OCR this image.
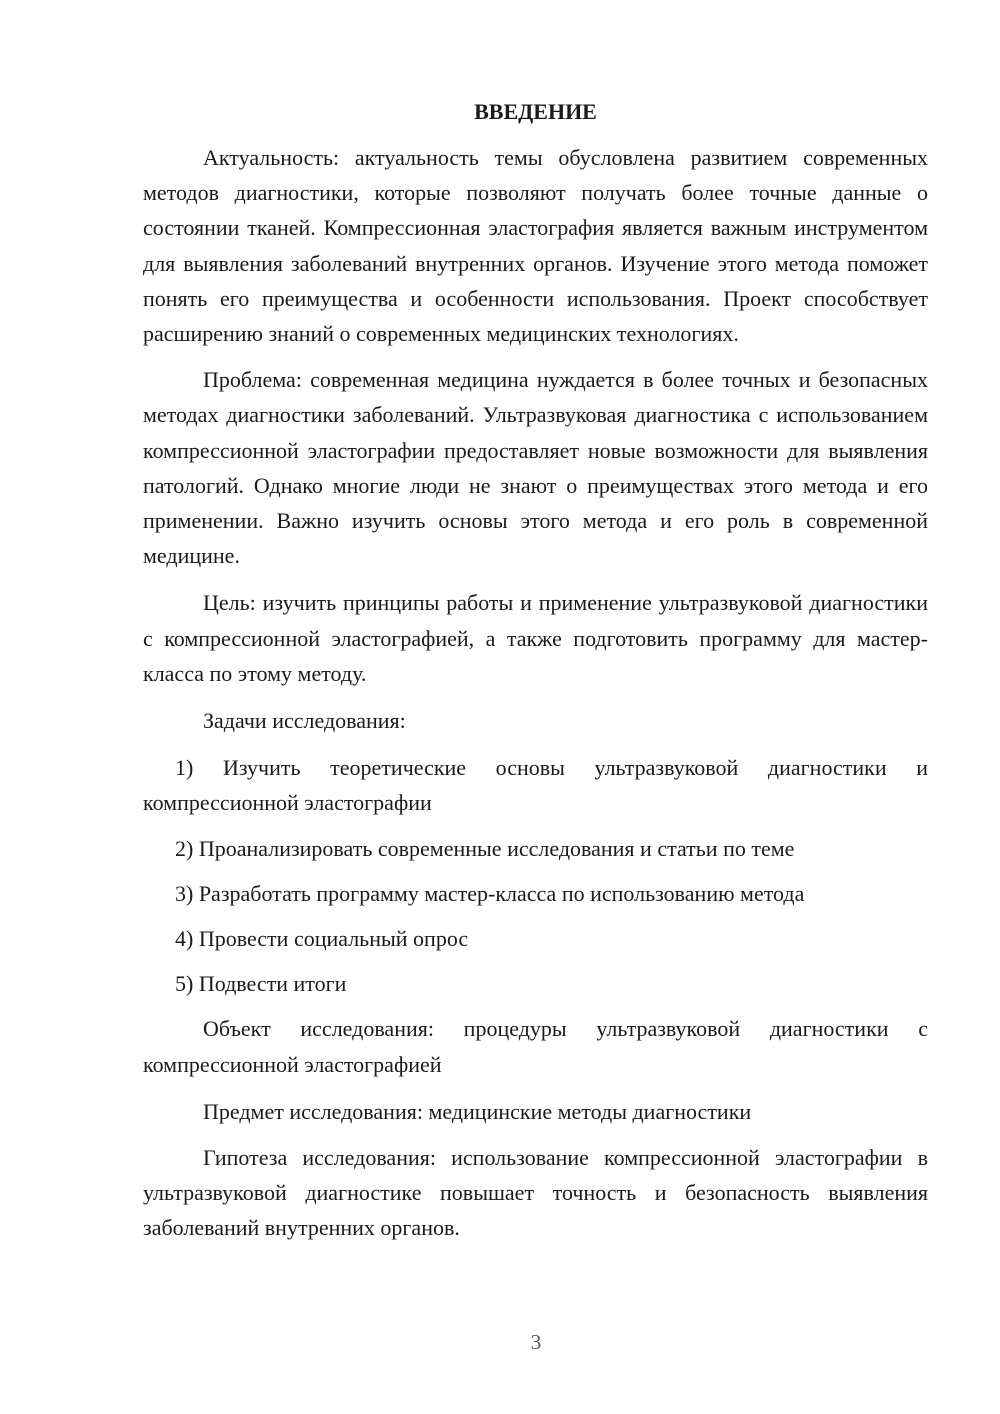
ВВЕДЕНИЕ

Актуальность: актуальность темы обусловлена развитием современных методов диагностики, которые позволяют получать более точные данные о состоянии тканей. Компрессионная эластография является важным инструментом для выявления заболеваний внутренних органов. Изучение этого метода поможет понять его преимущества и особенности использования. Проект способствует расширению знаний о современных медицинских технологиях.

Проблема: современная медицина нуждается в более точных и безопасных методах диагностики заболеваний. Ультразвуковая диагностика с использованием компрессионной эластографии предоставляет новые возможности для выявления патологий. Однако многие люди не знают о преимуществах этого метода и его применении. Важно изучить основы этого метода и его роль в современной медицине.

Цель: изучить принципы работы и применение ультразвуковой диагностики с компрессионной эластографией, а также подготовить программу для мастер-класса по этому методу.

Задачи исследования:

1) Изучить теоретические основы ультразвуковой диагностики и компрессионной эластографии

2) Проанализировать современные исследования и статьи по теме

3) Разработать программу мастер-класса по использованию метода

4) Провести социальный опрос

5) Подвести итоги

Объект исследования: процедуры ультразвуковой диагностики с компрессионной эластографией

Предмет исследования: медицинские методы диагностики

Гипотеза исследования: использование компрессионной эластографии в ультразвуковой диагностике повышает точность и безопасность выявления заболеваний внутренних органов.

3
